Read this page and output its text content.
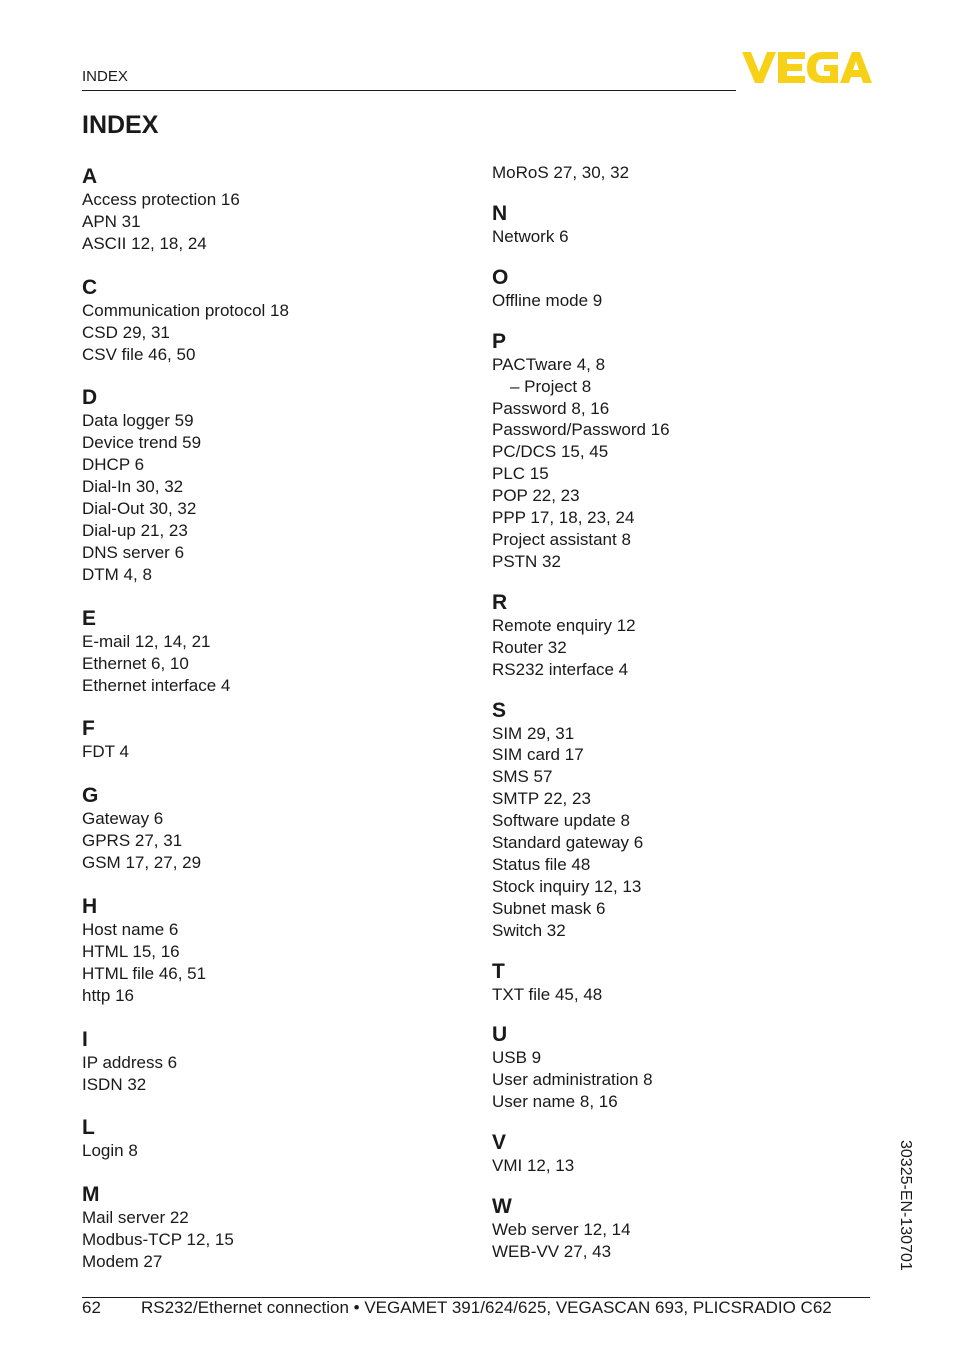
INDEX
INDEX
A
Access protection 16
APN 31
ASCII 12, 18, 24
C
Communication protocol 18
CSD 29, 31
CSV file 46, 50
D
Data logger 59
Device trend 59
DHCP 6
Dial-In 30, 32
Dial-Out 30, 32
Dial-up 21, 23
DNS server 6
DTM 4, 8
E
E-mail 12, 14, 21
Ethernet 6, 10
Ethernet interface 4
F
FDT 4
G
Gateway 6
GPRS 27, 31
GSM 17, 27, 29
H
Host name 6
HTML 15, 16
HTML file 46, 51
http 16
I
IP address 6
ISDN 32
L
Login 8
M
Mail server 22
Modbus-TCP 12, 15
Modem 27
MoRoS 27, 30, 32
N
Network 6
O
Offline mode 9
P
PACTware 4, 8
– Project 8
Password 8, 16
Password/Password 16
PC/DCS 15, 45
PLC 15
POP 22, 23
PPP 17, 18, 23, 24
Project assistant 8
PSTN 32
R
Remote enquiry 12
Router 32
RS232 interface 4
S
SIM 29, 31
SIM card 17
SMS 57
SMTP 22, 23
Software update 8
Standard gateway 6
Status file 48
Stock inquiry 12, 13
Subnet mask 6
Switch 32
T
TXT file 45, 48
U
USB 9
User administration 8
User name 8, 16
V
VMI 12, 13
W
Web server 12, 14
WEB-VV 27, 43
62 RS232/Ethernet connection • VEGAMET 391/624/625, VEGASCAN 693, PLICSRADIO C62
30325-EN-130701
